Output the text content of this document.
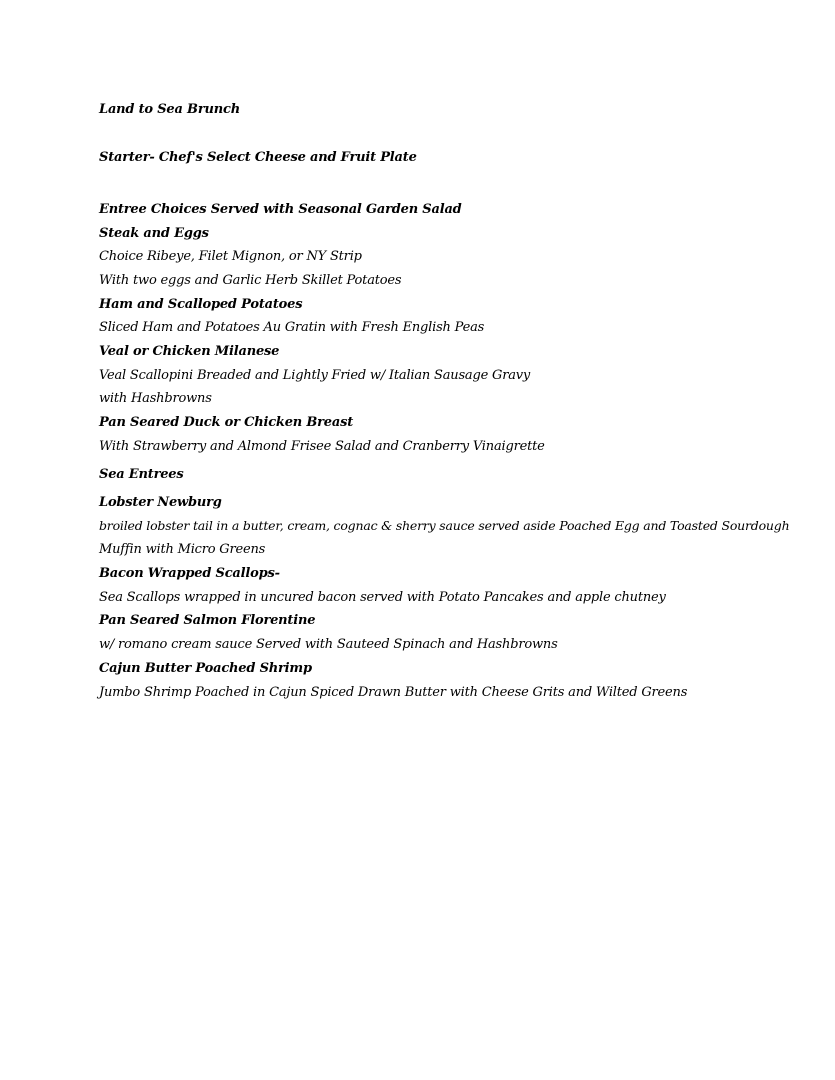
Land to Sea Brunch
Starter- Chef's Select Cheese and Fruit Plate
Entree Choices Served with Seasonal Garden Salad
Steak and Eggs
Choice Ribeye, Filet Mignon, or NY Strip
With two eggs and Garlic Herb Skillet Potatoes
Ham and Scalloped Potatoes
Sliced Ham and Potatoes Au Gratin with Fresh English Peas
Veal or Chicken Milanese
Veal Scallopini Breaded and Lightly Fried w/ Italian Sausage Gravy
with Hashbrowns
Pan Seared Duck or Chicken Breast
With Strawberry and Almond Frisee Salad and Cranberry Vinaigrette
Sea Entrees
Lobster Newburg
broiled lobster tail in a butter, cream, cognac & sherry sauce served aside Poached Egg and Toasted Sourdough
Muffin with Micro Greens
Bacon Wrapped Scallops-
Sea Scallops wrapped in uncured bacon served with Potato Pancakes and apple chutney
Pan Seared Salmon Florentine
w/ romano cream sauce Served with Sauteed Spinach and Hashbrowns
Cajun Butter Poached Shrimp
Jumbo Shrimp Poached in Cajun Spiced Drawn Butter with Cheese Grits and Wilted Greens
